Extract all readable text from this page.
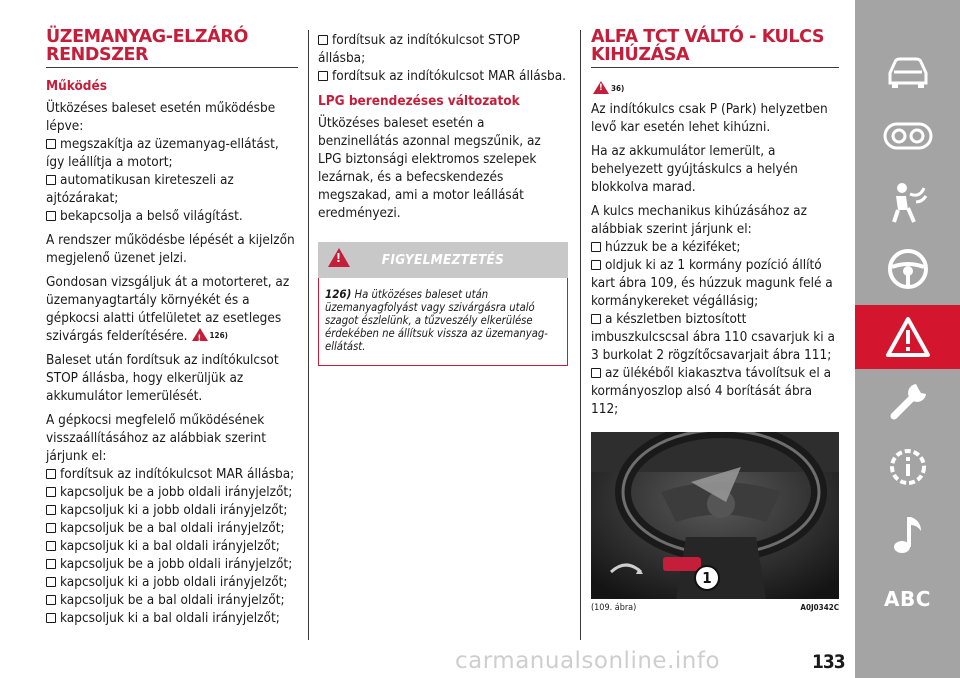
ÜZEMANYAG-ELZÁRÓ RENDSZER
Működés

Ütközéses baleset esetén működésbe lépve:

megszakítja az üzemanyag-ellátást, így leállítja a motort;
automatikusan kireteszeli az ajtózárakat;
bekapcsolja a belső világítást.

A rendszer működésbe lépését a kijelzőn megjelenő üzenet jelzi.

Gondosan vizsgáljuk át a motorteret, az üzemanyagtartály környékét és a gépkocsi alatti útfelületet az esetleges szivárgás felderítésére.!	126)

Baleset után fordítsuk az indítókulcsot STOP állásba, hogy elkerüljük az akkumulátor lemerülését.

A gépkocsi megfelelő működésének visszaállításához az alábbiak szerint járjunk el:

fordítsuk az indítókulcsot MAR állásba;
kapcsoljuk be a jobb oldali irányjelzőt;
kapcsoljuk ki a jobb oldali irányjelzőt;
kapcsoljuk be a bal oldali irányjelzőt;
kapcsoljuk ki a bal oldali irányjelzőt;
kapcsoljuk be a jobb oldali irányjelzőt;
kapcsoljuk ki a jobb oldali irányjelzőt;
kapcsoljuk be a bal oldali irányjelzőt;
kapcsoljuk ki a bal oldali irányjelzőt;
fordítsuk az indítókulcsot STOP állásba;
fordítsuk az indítókulcsot MAR állásba.
LPG berendezéses változatok

Ütközéses baleset esetén a benzinellátás azonnal megszűnik, az LPG biztonsági elektromos szelepek lezárnak, és a befecskendezés megszakad, ami a motor leállását eredményezi.

!
FIGYELMEZTETÉS
126) Ha ütközéses baleset után üzemanyagfolyást vagy szivárgásra utaló szagot észlelünk, a tűzveszély elkerülése érdekében ne állítsuk vissza az üzemanyag-ellátást.
ALFA TCT VÁLTÓ - KULCS KIHÚZÁSA
!36)

Az indítókulcs csak P (Park) helyzetben levő kar esetén lehet kihúzni.

Ha az akkumulátor lemerült, a behelyezett gyújtáskulcs a helyén blokkolva marad.

A kulcs mechanikus kihúzásához az alábbiak szerint járjunk el:

húzzuk be a kéziféket;
oldjuk ki az 1 kormány pozíció állító kart ábra 109, és húzzuk magunk felé a kormánykereket végállásig;
a készletben biztosított imbuszkulcscsal ábra 110 csavarjuk ki a 3 burkolat 2 rögzítőcsavarjait ábra 111;
az ülékéből kiakasztva távolítsuk el a kormányoszlop alsó 4 borítását ábra 112;
1
(109. ábra)	A0J0342C ABC
carmanualsonline.info	133
